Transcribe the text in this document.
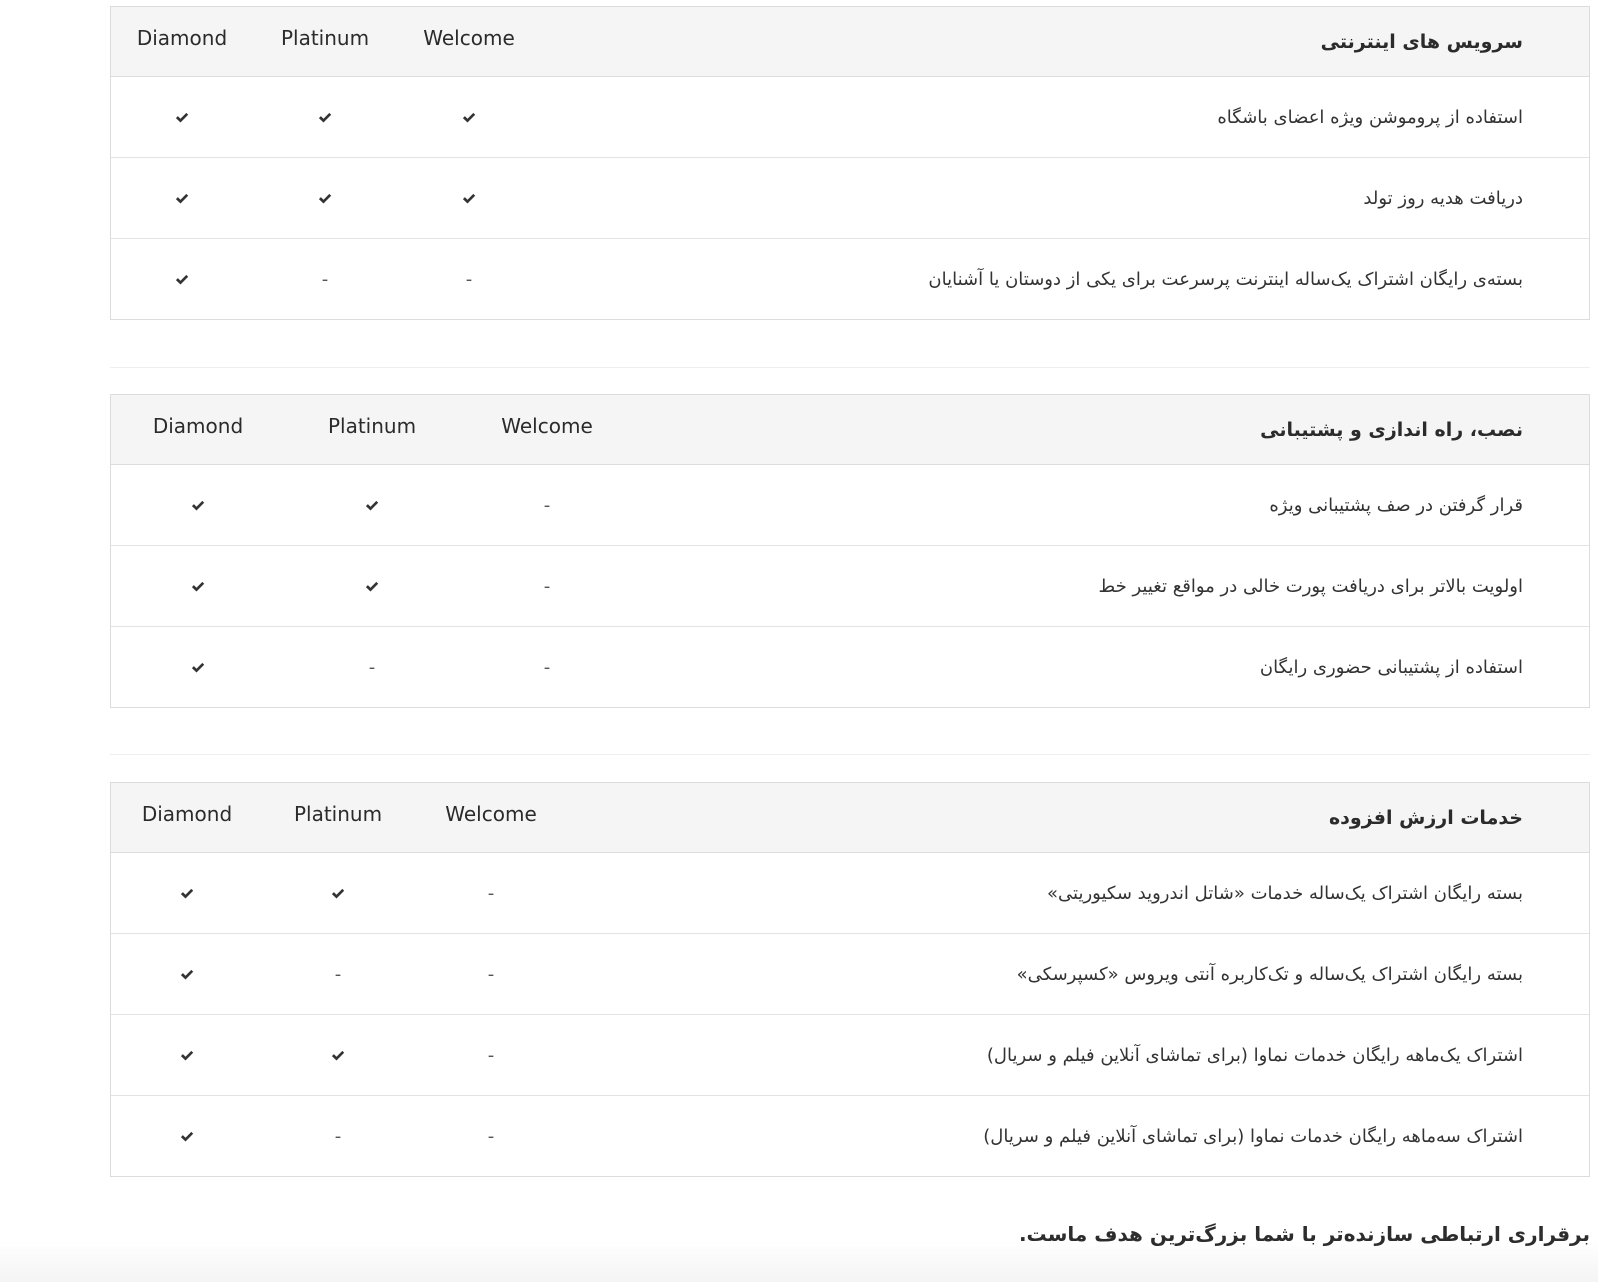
سرویس های اینترنتی
Welcome
Platinum
Diamond
استفاده از پروموشن ویژه اعضای باشگاه
دریافت هدیه روز تولد
بسته‌ی رایگان اشتراک یک‌ساله اینترنت پرسرعت برای یکی از دوستان یا آشنایان
-
-
نصب، راه اندازی و پشتیبانی
Welcome
Platinum
Diamond
قرار گرفتن در صف پشتیبانی ویژه
-
اولویت بالاتر برای دریافت پورت خالی در مواقع تغییر خط
-
استفاده از پشتیبانی حضوری رایگان
-
-
خدمات ارزش افزوده
Welcome
Platinum
Diamond
بسته رایگان اشتراک یک‌ساله خدمات «شاتل اندروید سکیوریتی»
-
بسته رایگان اشتراک یک‌ساله و تک‌کاربره آنتی ویروس «کسپرسکی»
-
-
اشتراک یک‌ماهه رایگان خدمات نماوا (برای تماشای آنلاین فیلم و سریال)
-
اشتراک سه‌ماهه رایگان خدمات نماوا (برای تماشای آنلاین فیلم و سریال)
-
-
برقراری ارتباطی سازنده‌تر با شما بزرگ‌ترین هدف ماست.
